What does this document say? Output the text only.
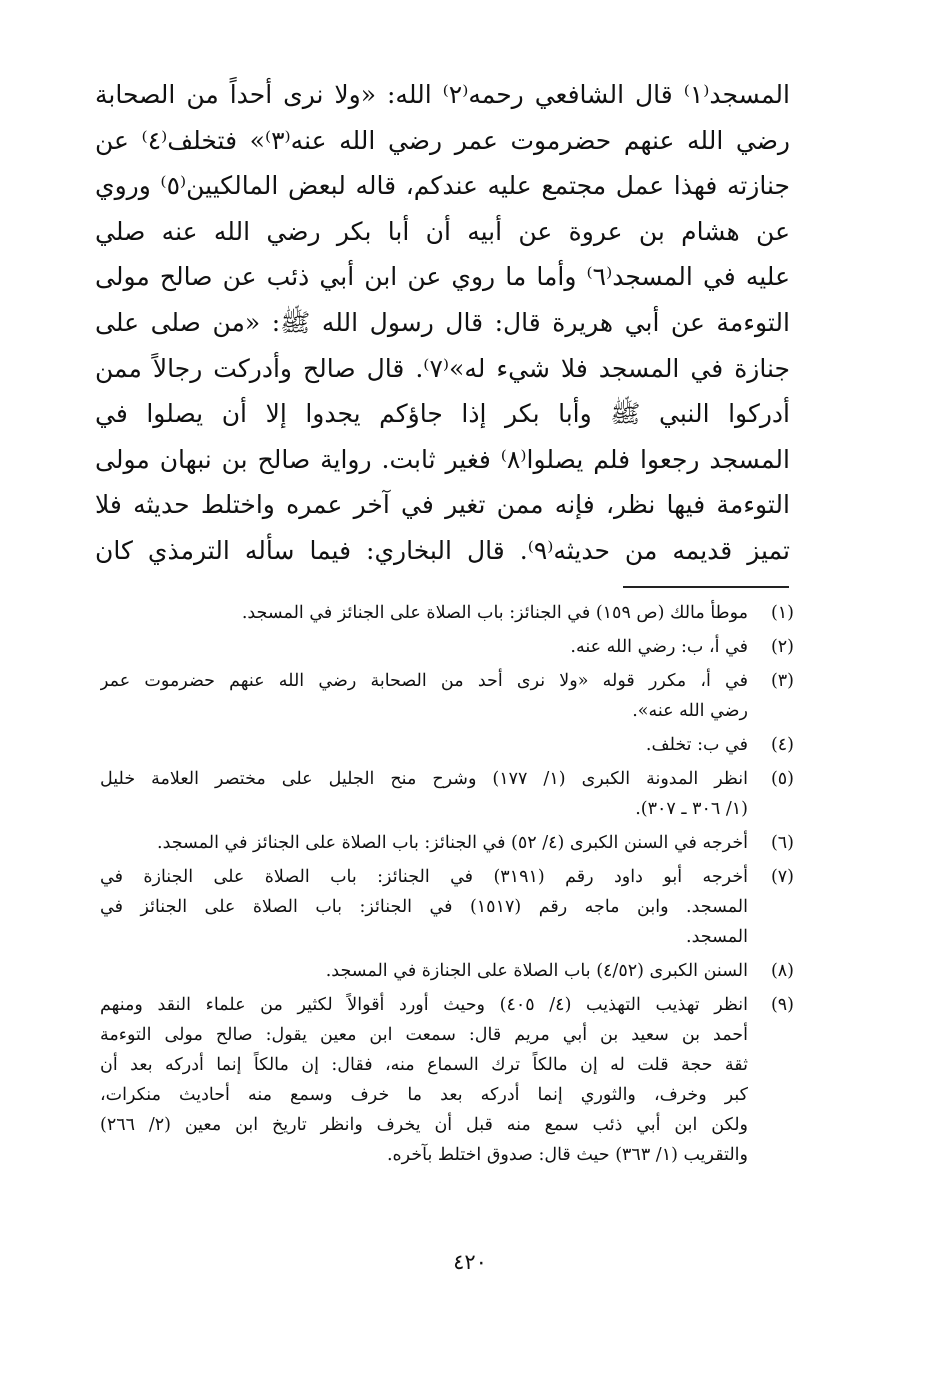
المسجد⁽١⁾ قال الشافعي رحمه⁽٢⁾ الله: «ولا نرى أحداً من الصحابة
رضي الله عنهم حضرموت عمر رضي الله عنه⁽٣⁾» فتخلف⁽٤⁾ عن
جنازته فهذا عمل مجتمع عليه عندكم، قاله لبعض المالكيين⁽٥⁾ وروي
عن هشام بن عروة عن أبيه أن أبا بكر رضي الله عنه صلي
عليه في المسجد⁽٦⁾ وأما ما روي عن ابن أبي ذئب عن صالح مولى
التوءمة عن أبي هريرة قال: قال رسول الله ﷺ: «من صلى على
جنازة في المسجد فلا شيء له»⁽٧⁾. قال صالح وأدركت رجالاً ممن
أدركوا النبي ﷺ وأبا بكر إذا جاؤكم يجدوا إلا أن يصلوا في
المسجد رجعوا فلم يصلوا⁽٨⁾ فغير ثابت. رواية صالح بن نبهان مولى
التوءمة فيها نظر، فإنه ممن تغير في آخر عمره واختلط حديثه فلا
تميز قديمه من حديثه⁽٩⁾. قال البخاري: فيما سأله الترمذي كان
(١)
موطأ مالك (ص ١٥٩) في الجنائز: باب الصلاة على الجنائز في المسجد.
(٢)
في أ، ب: رضي الله عنه.
(٣)
في أ، مكرر قوله «ولا نرى أحد من الصحابة رضي الله عنهم حضرموت عمر
رضي الله عنه».
(٤)
في ب: تخلف.
(٥)
انظر المدونة الكبرى (١/ ١٧٧) وشرح منح الجليل على مختصر العلامة خليل
(١/ ٣٠٦ ـ ٣٠٧).
(٦)
أخرجه في السنن الكبرى (٤/ ٥٢) في الجنائز: باب الصلاة على الجنائز في المسجد.
(٧)
أخرجه أبو داود رقم (٣١٩١) في الجنائز: باب الصلاة على الجنازة في
المسجد. وابن ماجه رقم (١٥١٧) في الجنائز: باب الصلاة على الجنائز في
المسجد.
(٨)
السنن الكبرى (٤/٥٢) باب الصلاة على الجنازة في المسجد.
(٩)
انظر تهذيب التهذيب (٤/ ٤٠٥) وحيث أورد أقوالاً لكثير من علماء النقد ومنهم
أحمد بن سعيد بن أبي مريم قال: سمعت ابن معين يقول: صالح مولى التوءمة
ثقة حجة قلت له إن مالكاً ترك السماع منه، فقال: إن مالكاً إنما أدركه بعد أن
كبر وخرف، والثوري إنما أدركه بعد ما خرف وسمع منه أحاديث منكرات،
ولكن ابن أبي ذئب سمع منه قبل أن يخرف وانظر تاريخ ابن معين (٢/ ٢٦٦)
والتقريب (١/ ٣٦٣) حيث قال: صدوق اختلط بآخره.
٤٢٠
